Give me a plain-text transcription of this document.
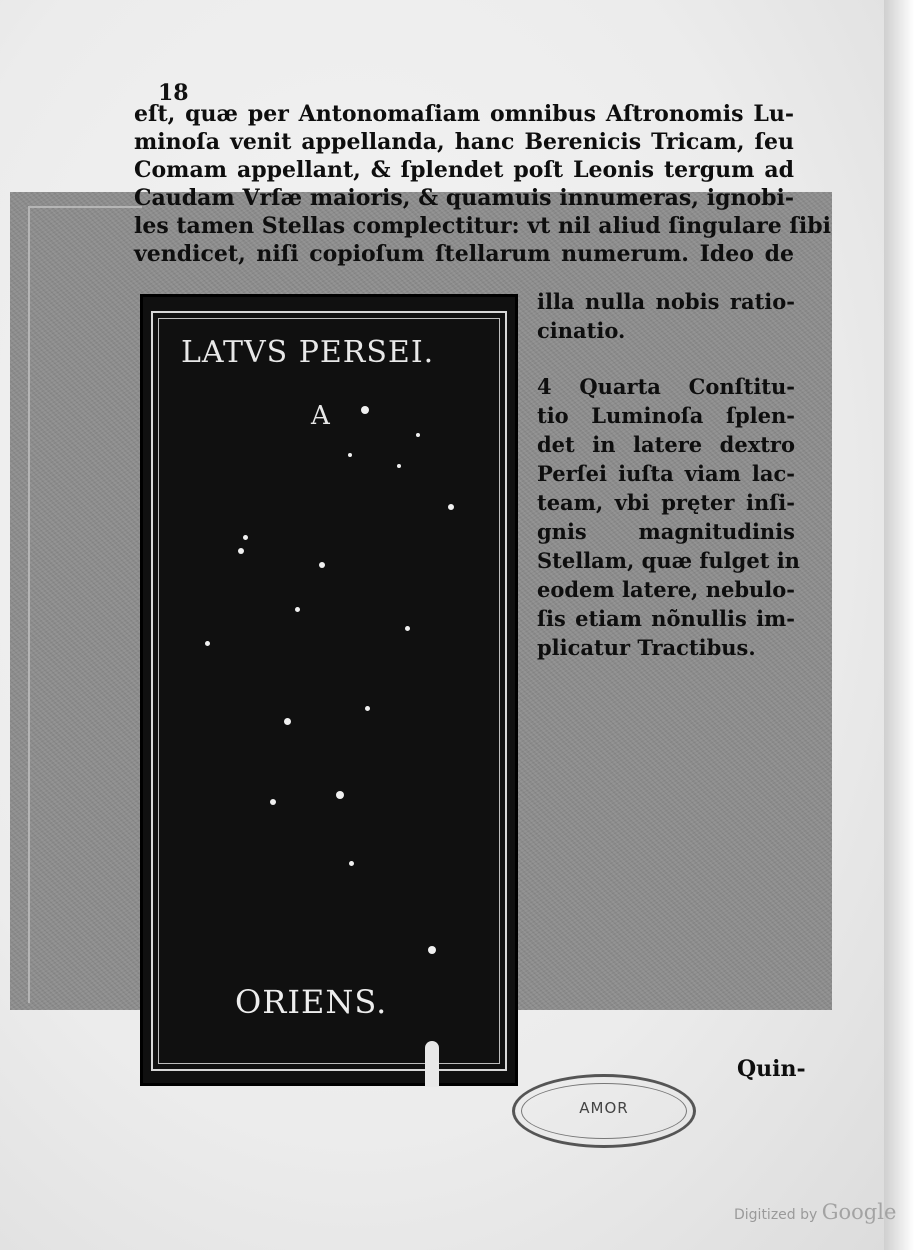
18
eſt, quæ per Antonomaſiam omnibus Aſtronomis Lu-
minoſa venit appellanda, hanc Berenicis Tricam, ſeu
Comam appellant, & ſplendet poſt Leonis tergum ad
Caudam Vrſæ maioris, & quamuis innumeras, ignobi-
les tamen Stellas complectitur: vt nil aliud ſingulare ſibi
vendicet, niſi copioſum ſtellarum numerum. Ideo de
illa nulla nobis ratio-
cinatio.
4 Quarta Conſtitu-
tio Luminoſa ſplen-
det in latere dextro
Perſei iuſta viam lac-
team, vbi pręter inſi-
gnis magnitudinis
Stellam, quæ fulget in
eodem latere, nebulo-
ſis etiam nõnullis im-
plicatur Tractibus.
LATVS PERSEI.
A
ORIENS.
Quin-
AMOR
Digitized by Google
